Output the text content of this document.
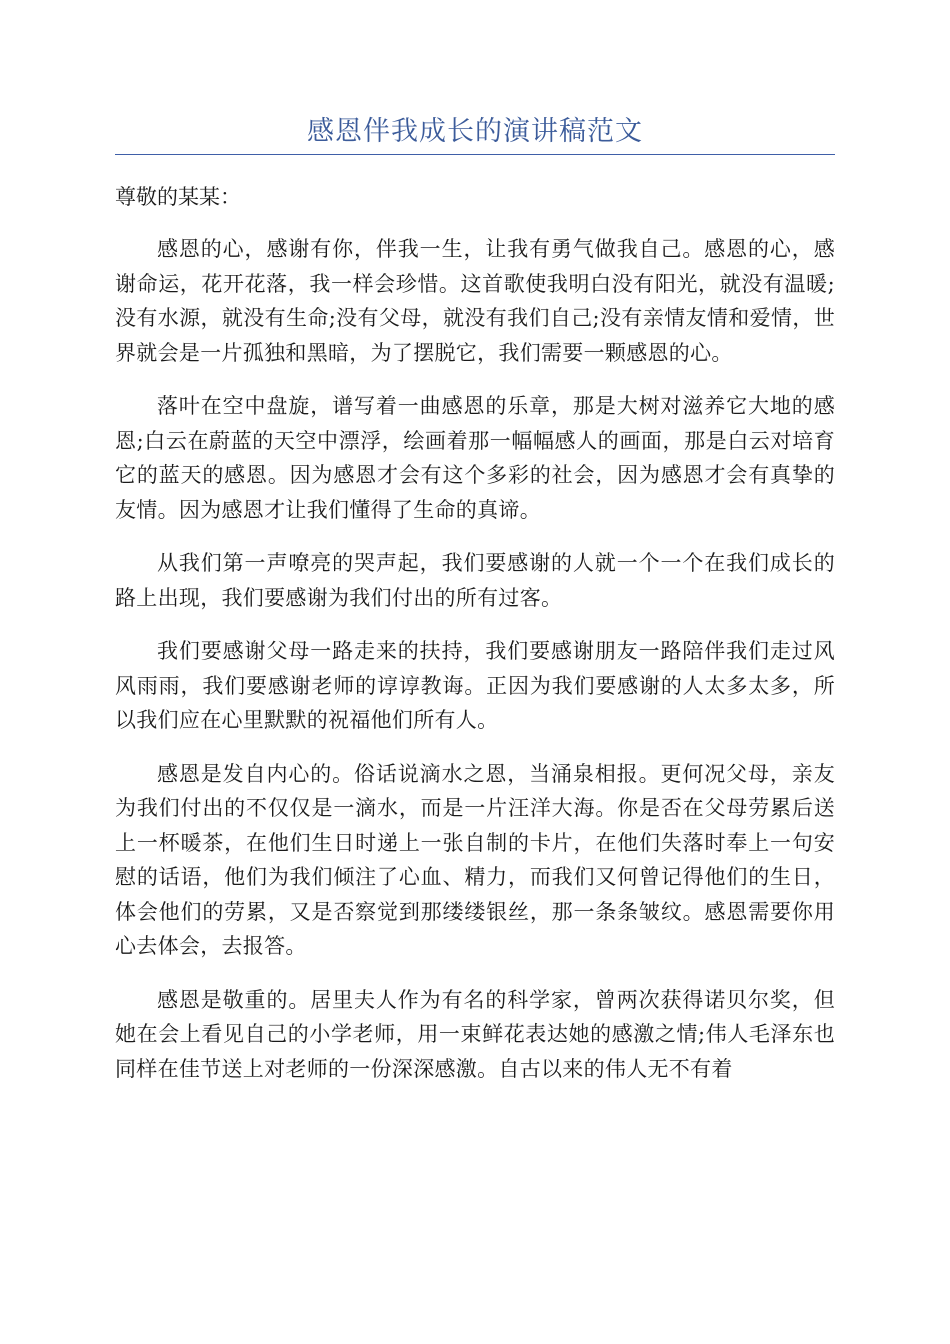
感恩伴我成长的演讲稿范文
尊敬的某某：

感恩的心，感谢有你，伴我一生，让我有勇气做我自己。感恩的心，感谢命运，花开花落，我一样会珍惜。这首歌使我明白没有阳光，就没有温暖;没有水源，就没有生命;没有父母，就没有我们自己;没有亲情友情和爱情，世界就会是一片孤独和黑暗，为了摆脱它，我们需要一颗感恩的心。

落叶在空中盘旋，谱写着一曲感恩的乐章，那是大树对滋养它大地的感恩;白云在蔚蓝的天空中漂浮，绘画着那一幅幅感人的画面，那是白云对培育它的蓝天的感恩。因为感恩才会有这个多彩的社会，因为感恩才会有真挚的友情。因为感恩才让我们懂得了生命的真谛。

从我们第一声嘹亮的哭声起，我们要感谢的人就一个一个在我们成长的路上出现，我们要感谢为我们付出的所有过客。

我们要感谢父母一路走来的扶持，我们要感谢朋友一路陪伴我们走过风风雨雨，我们要感谢老师的谆谆教诲。正因为我们要感谢的人太多太多，所以我们应在心里默默的祝福他们所有人。

感恩是发自内心的。俗话说滴水之恩，当涌泉相报。更何况父母，亲友为我们付出的不仅仅是一滴水，而是一片汪洋大海。你是否在父母劳累后送上一杯暖茶，在他们生日时递上一张自制的卡片，在他们失落时奉上一句安慰的话语，他们为我们倾注了心血、精力，而我们又何曾记得他们的生日，体会他们的劳累，又是否察觉到那缕缕银丝，那一条条皱纹。感恩需要你用心去体会，去报答。

感恩是敬重的。居里夫人作为有名的科学家，曾两次获得诺贝尔奖，但她在会上看见自己的小学老师，用一束鲜花表达她的感激之情;伟人毛泽东也同样在佳节送上对老师的一份深深感激。自古以来的伟人无不有着
